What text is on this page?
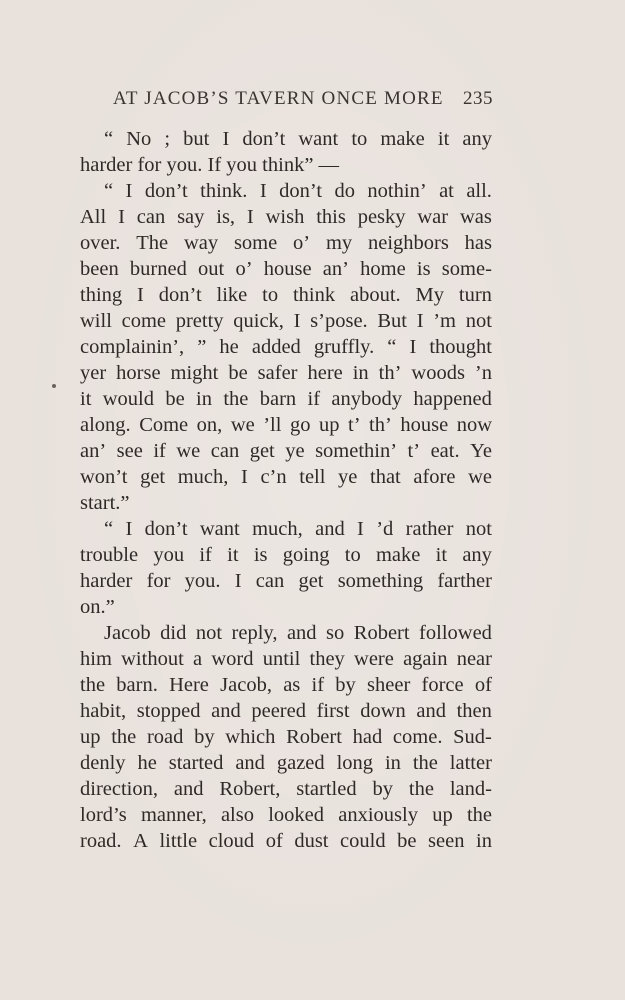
AT JACOB’S TAVERN ONCE MORE 235
“ No ; but I don’t want to make it any
harder
for
you.
If
you
think”
—
“ I don’t think. I don’t do nothin’ at all.
All I can say is, I wish this pesky war was
over. The way some o’ my neighbors has
been burned out o’ house an’ home is some-
thing I don’t like to think about. My turn
will come pretty quick, I s’pose. But I ’m not
complainin’, ” he added gruffly. “ I thought
yer horse might be safer here in th’ woods ’n
it would be in the barn if anybody happened
along. Come on, we ’ll go up t’ th’ house now
an’ see if we can get ye somethin’ t’ eat. Ye
won’t get much, I c’n tell ye that afore we
start.”
“ I don’t want much, and I ’d rather not
trouble you if it is going to make it any
harder for you. I can get something farther
on.”
Jacob did not reply, and so Robert followed
him without a word until they were again near
the barn. Here Jacob, as if by sheer force of
habit, stopped and peered first down and then
up the road by which Robert had come. Sud-
denly he started and gazed long in the latter
direction, and Robert, startled by the land-
lord’s manner, also looked anxiously up the
road. A little cloud of dust could be seen in
